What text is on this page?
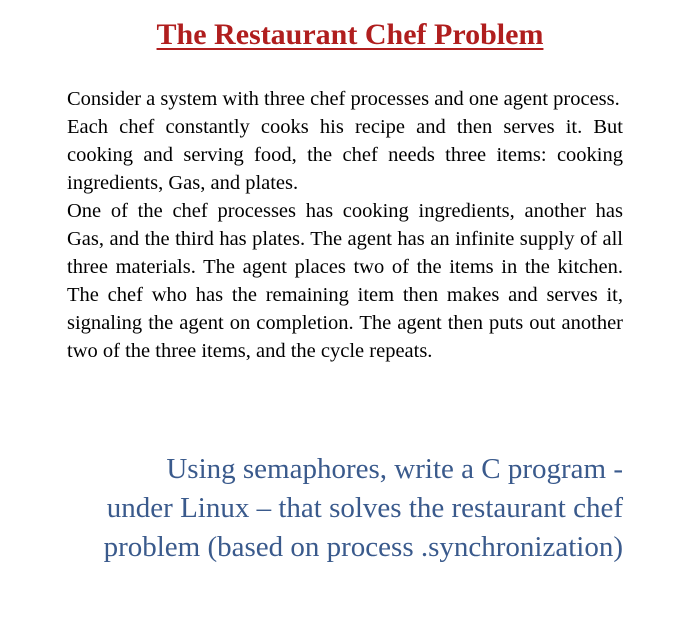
The Restaurant Chef Problem

Consider a system with three chef processes and one agent process.

Each chef constantly cooks his recipe and then serves it. But cooking and serving food, the chef needs three items: cooking ingredients, Gas, and plates.

One of the chef processes has cooking ingredients, another has Gas, and the third has plates. The agent has an infinite supply of all three materials. The agent places two of the items in the kitchen. The chef who has the remaining item then makes and serves it, signaling the agent on completion. The agent then puts out another two of the three items, and the cycle repeats.

Using semaphores, write a C program - under Linux – that solves the restaurant chef problem (based on process .synchronization)
